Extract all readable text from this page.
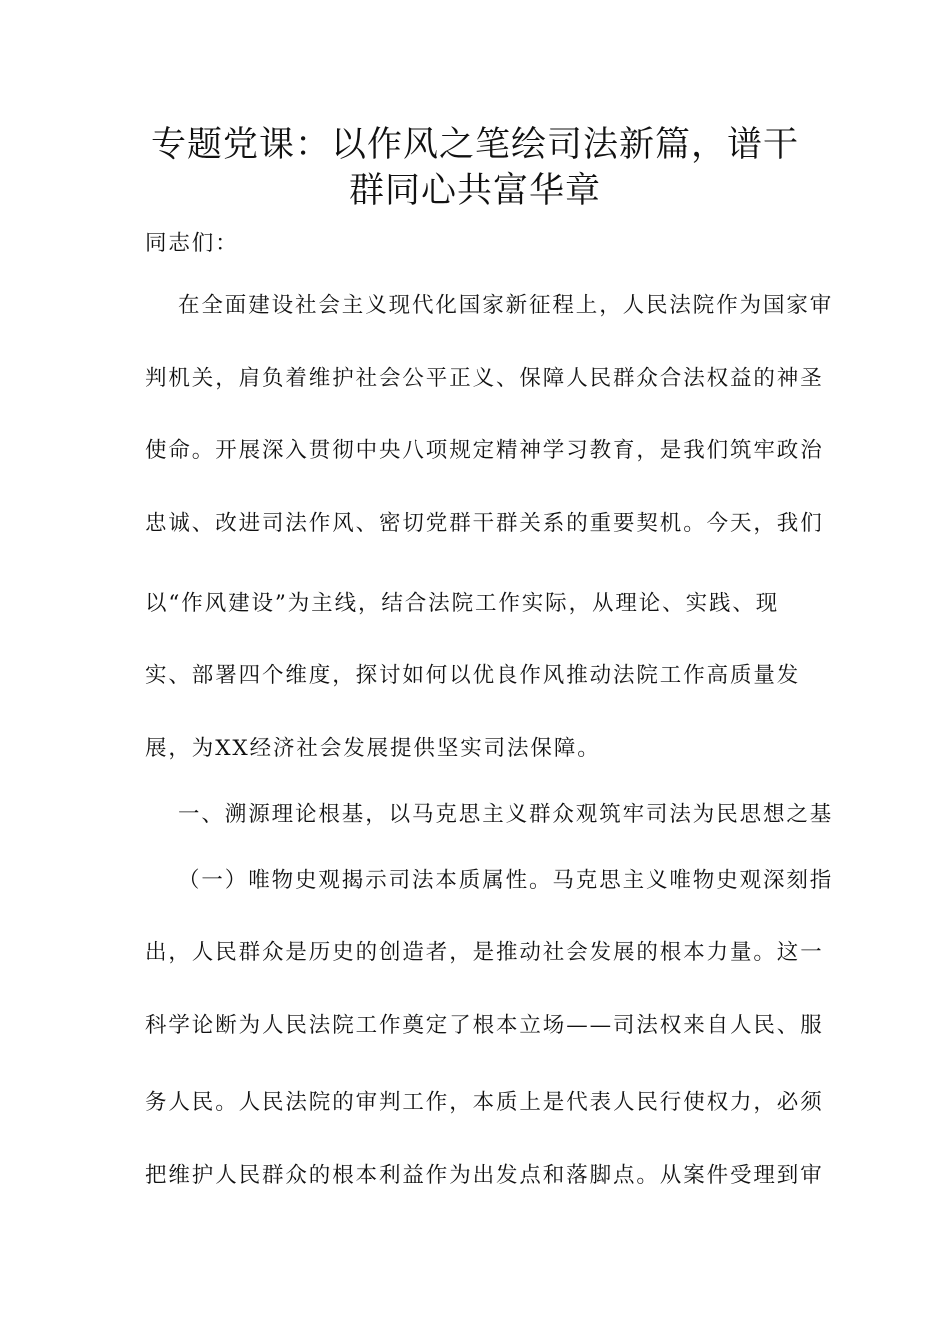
专题党课：以作风之笔绘司法新篇，谱干
群同心共富华章
同志们：
在全面建设社会主义现代化国家新征程上，人民法院作为国家审
判机关，肩负着维护社会公平正义、保障人民群众合法权益的神圣
使命。开展深入贯彻中央八项规定精神学习教育，是我们筑牢政治
忠诚、改进司法作风、密切党群干群关系的重要契机。今天，我们
以“作风建设”为主线，结合法院工作实际，从理论、实践、现
实、部署四个维度，探讨如何以优良作风推动法院工作高质量发
展，为XX经济社会发展提供坚实司法保障。
一、溯源理论根基，以马克思主义群众观筑牢司法为民思想之基
（一）唯物史观揭示司法本质属性。马克思主义唯物史观深刻指
出，人民群众是历史的创造者，是推动社会发展的根本力量。这一
科学论断为人民法院工作奠定了根本立场——司法权来自人民、服
务人民。人民法院的审判工作，本质上是代表人民行使权力，必须
把维护人民群众的根本利益作为出发点和落脚点。从案件受理到审
